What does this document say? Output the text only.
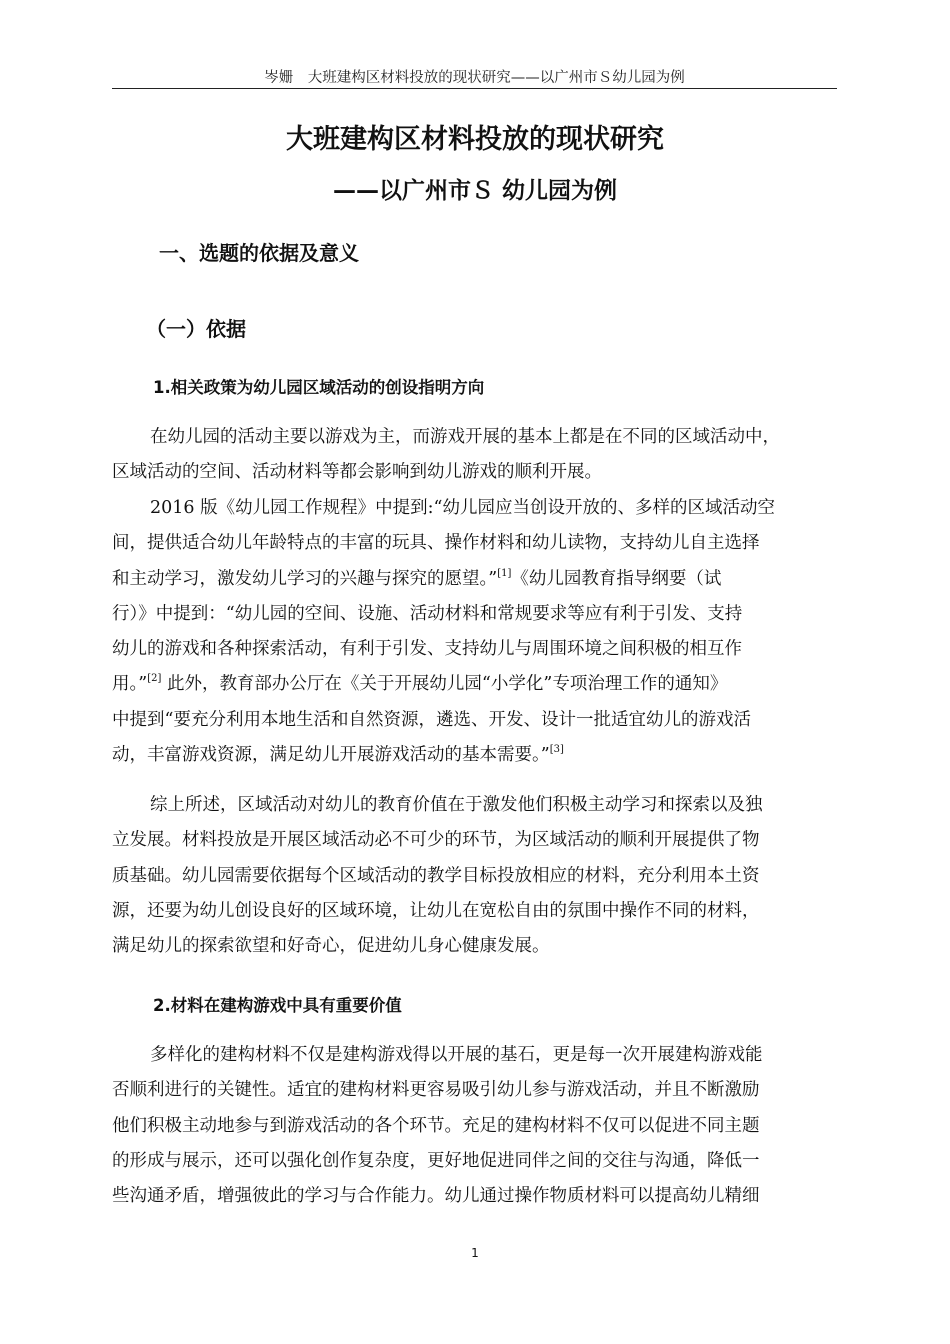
岑姗　大班建构区材料投放的现状研究——以广州市Ｓ幼儿园为例
大班建构区材料投放的现状研究
——以广州市Ｓ 幼儿园为例
一、选题的依据及意义
（一）依据
1.相关政策为幼儿园区域活动的创设指明方向
在幼儿园的活动主要以游戏为主，而游戏开展的基本上都是在不同的区域活动中，
区域活动的空间、活动材料等都会影响到幼儿游戏的顺利开展。
2016 版《幼儿园工作规程》中提到:“幼儿园应当创设开放的、多样的区域活动空
间，提供适合幼儿年龄特点的丰富的玩具、操作材料和幼儿读物，支持幼儿自主选择
和主动学习，激发幼儿学习的兴趣与探究的愿望。”[1]《幼儿园教育指导纲要（试
行）》中提到：“幼儿园的空间、设施、活动材料和常规要求等应有利于引发、支持
幼儿的游戏和各种探索活动，有利于引发、支持幼儿与周围环境之间积极的相互作
用。”[2] 此外，教育部办公厅在《关于开展幼儿园“小学化”专项治理工作的通知》
中提到“要充分利用本地生活和自然资源，遴选、开发、设计一批适宜幼儿的游戏活
动，丰富游戏资源，满足幼儿开展游戏活动的基本需要。”[3]
综上所述，区域活动对幼儿的教育价值在于激发他们积极主动学习和探索以及独
立发展。材料投放是开展区域活动必不可少的环节，为区域活动的顺利开展提供了物
质基础。幼儿园需要依据每个区域活动的教学目标投放相应的材料，充分利用本土资
源，还要为幼儿创设良好的区域环境，让幼儿在宽松自由的氛围中操作不同的材料，
满足幼儿的探索欲望和好奇心，促进幼儿身心健康发展。
2.材料在建构游戏中具有重要价值
多样化的建构材料不仅是建构游戏得以开展的基石，更是每一次开展建构游戏能
否顺利进行的关键性。适宜的建构材料更容易吸引幼儿参与游戏活动，并且不断激励
他们积极主动地参与到游戏活动的各个环节。充足的建构材料不仅可以促进不同主题
的形成与展示，还可以强化创作复杂度，更好地促进同伴之间的交往与沟通，降低一
些沟通矛盾，增强彼此的学习与合作能力。幼儿通过操作物质材料可以提高幼儿精细
1
